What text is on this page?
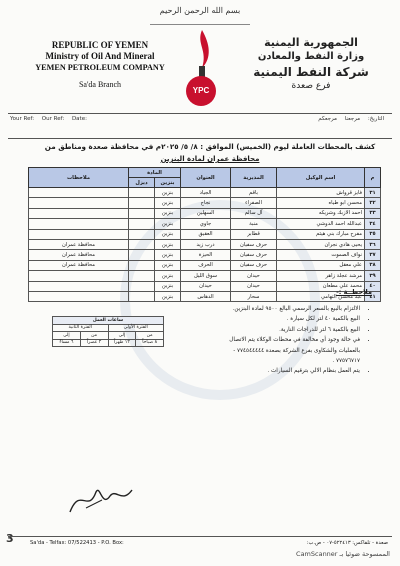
بسم الله الرحمن الرحيم
REPUBLIC OF YEMEN
Ministry of Oil And Mineral
YEMEN PETROLEUM COMPANY
Sa'da Branch
YPC
الجمهورية اليمنية
وزارة النفط والمعادن
شركة النفط اليمنية
فرع صعدة
Your Ref: Our Ref: Date:	التاريخ: مرجعنا مرجعكم
كشف بالمحطات العاملة ليوم (الخميس) الموافق : ٨/ ٥/ ٢٠٢٥م في محافظة صعدة ومناطق من
محافظة عمران لمادة البنزين
م	اسم الوكيل	المديرية	العنوان	المادة		ملاحظات
				بنزين	ديزل	
٣١	فايز قرواش	باقم	الجياد	بنزين		
٣٢	محسن ابو طياه	الصفراء	نجاج	بنزين		
٣٣	احمد الازبك وشريكه	آل سالم	السهلين	بنزين		
٣٤	عبدالله احمد الدوشي	منبة	جاوي	بنزين		
٣٥	مفرح مبارك بني هيثم	قطابر	العقيق	بنزين		
٣٦	يحيى هادي نجران	حرف سفيان	درب زيد	بنزين		محافظة عمران
٣٧	نواف الصموت	حرف سفيان	الحيزة	بنزين		محافظة عمران
٣٨	علي معقل	حرف سفيان	الحرف	بنزين		محافظة عمران
٣٩	مرشد عجلة زاهر	حيدان	سوق الليل	بنزين		
٤٠	محمد علي مطعان	حيدان	حيدان	بنزين		
٤١	عبد محسن التهامي	سحار	الدهاس	بنزين		
ملاحظــة :-
• الالتزام بالبيع بالسعر الرسمي البالغ ٩٥٠٠ لمادة البنزين.
• البيع بالكمية ٤٠ لتر لكل سيارة .
• البيع بالكمية ٦ لتر للدراجات النارية.
• في حالة وجود أي مخالفة في محطات الوكلاء يتم الاتصال بالعمليات والشكاوى بفرع الشركة بصعدة ٧٧٤٥٤٤٤٤٤ - ٧٧٥٧٦٧١٧ .
• يتم العمل بنظام الالي بترقيم السيارات .
ساعات العمل			
الفترة الأولى		الفترة الثانية	
من	إلى	من	إلى
٨ صباحاً	١٢ ظهراً	٢ عصراً	٦ مساءً
3	Sa'da - Telfax: 07/522413 - P.O. Box:	صعدة - تلفاكس: ٥٢٢٤١٣-٠٧ - ص.ب:
الممسوحة ضوئيا بـ CamScanner
